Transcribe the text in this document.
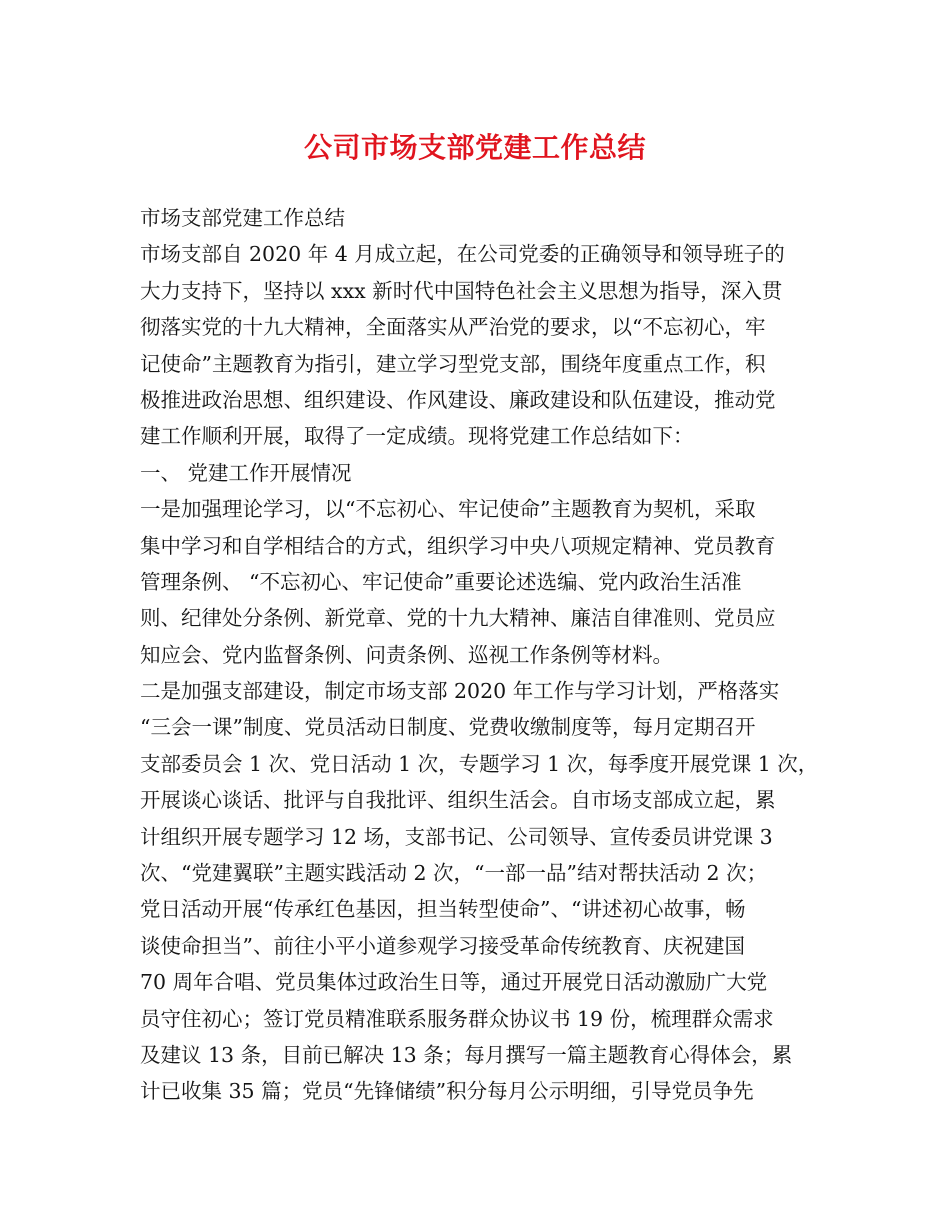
公司市场支部党建工作总结
市场支部党建工作总结
市场支部自 2020 年 4 月成立起，在公司党委的正确领导和领导班子的
大力支持下，坚持以 xxx 新时代中国特色社会主义思想为指导，深入贯
彻落实党的十九大精神，全面落实从严治党的要求，以“不忘初心，牢
记使命”主题教育为指引，建立学习型党支部，围绕年度重点工作，积
极推进政治思想、组织建设、作风建设、廉政建设和队伍建设，推动党
建工作顺利开展，取得了一定成绩。现将党建工作总结如下：
一、 党建工作开展情况
一是加强理论学习，以“不忘初心、牢记使命”主题教育为契机，采取
集中学习和自学相结合的方式，组织学习中央八项规定精神、党员教育
管理条例、 “不忘初心、牢记使命”重要论述选编、党内政治生活准
则、纪律处分条例、新党章、党的十九大精神、廉洁自律准则、党员应
知应会、党内监督条例、问责条例、巡视工作条例等材料。
二是加强支部建设，制定市场支部 2020 年工作与学习计划，严格落实
“三会一课”制度、党员活动日制度、党费收缴制度等，每月定期召开
支部委员会 1 次、党日活动 1 次，专题学习 1 次，每季度开展党课 1 次，
开展谈心谈话、批评与自我批评、组织生活会。自市场支部成立起，累
计组织开展专题学习 12 场，支部书记、公司领导、宣传委员讲党课 3
次、“党建翼联”主题实践活动 2 次，“一部一品”结对帮扶活动 2 次；
党日活动开展“传承红色基因，担当转型使命”、“讲述初心故事，畅
谈使命担当”、前往小平小道参观学习接受革命传统教育、庆祝建国
70 周年合唱、党员集体过政治生日等，通过开展党日活动激励广大党
员守住初心；签订党员精准联系服务群众协议书 19 份，梳理群众需求
及建议 13 条，目前已解决 13 条；每月撰写一篇主题教育心得体会，累
计已收集 35 篇；党员“先锋储绩”积分每月公示明细，引导党员争先
